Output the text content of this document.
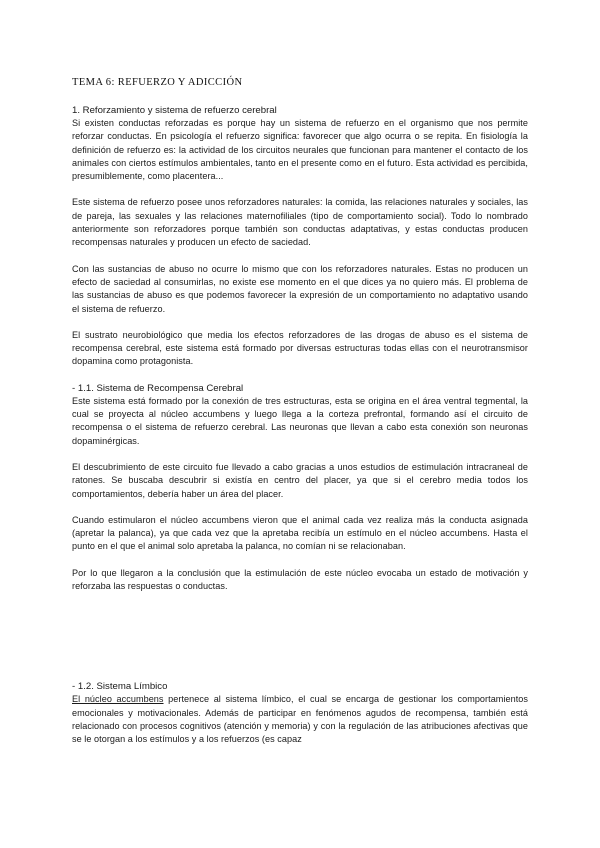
TEMA 6: REFUERZO Y ADICCIÓN
1. Reforzamiento y sistema de refuerzo cerebral

Si existen conductas reforzadas es porque hay un sistema de refuerzo en el organismo que nos permite reforzar conductas. En psicología el refuerzo significa: favorecer que algo ocurra o se repita. En fisiología la definición de refuerzo es: la actividad de los circuitos neurales que funcionan para mantener el contacto de los animales con ciertos estímulos ambientales, tanto en el presente como en el futuro. Esta actividad es percibida, presumiblemente, como placentera...

Este sistema de refuerzo posee unos reforzadores naturales: la comida, las relaciones naturales y sociales, las de pareja, las sexuales y las relaciones maternofiliales (tipo de comportamiento social). Todo lo nombrado anteriormente son reforzadores porque también son conductas adaptativas, y estas conductas producen recompensas naturales y producen un efecto de saciedad.

Con las sustancias de abuso no ocurre lo mismo que con los reforzadores naturales. Estas no producen un efecto de saciedad al consumirlas, no existe ese momento en el que dices ya no quiero más. El problema de las sustancias de abuso es que podemos favorecer la expresión de un comportamiento no adaptativo usando el sistema de refuerzo.

El sustrato neurobiológico que media los efectos reforzadores de las drogas de abuso es el sistema de recompensa cerebral, este sistema está formado por diversas estructuras todas ellas con el neurotransmisor dopamina como protagonista.

- 1.1. Sistema de Recompensa Cerebral

Este sistema está formado por la conexión de tres estructuras, esta se origina en el área ventral tegmental, la cual se proyecta al núcleo accumbens y luego llega a la corteza prefrontal, formando así el circuito de recompensa o el sistema de refuerzo cerebral. Las neuronas que llevan a cabo esta conexión son neuronas dopaminérgicas.

El descubrimiento de este circuito fue llevado a cabo gracias a unos estudios de estimulación intracraneal de ratones. Se buscaba descubrir si existía en centro del placer, ya que si el cerebro media todos los comportamientos, debería haber un área del placer.

Cuando estimularon el núcleo accumbens vieron que el animal cada vez realiza más la conducta asignada (apretar la palanca), ya que cada vez que la apretaba recibía un estímulo en el núcleo accumbens. Hasta el punto en el que el animal solo apretaba la palanca, no comían ni se relacionaban.

Por lo que llegaron a la conclusión que la estimulación de este núcleo evocaba un estado de motivación y reforzaba las respuestas o conductas.

- 1.2. Sistema Límbico

El núcleo accumbens pertenece al sistema límbico, el cual se encarga de gestionar los comportamientos emocionales y motivacionales. Además de participar en fenómenos agudos de recompensa, también está relacionado con procesos cognitivos (atención y memoria) y con la regulación de las atribuciones afectivas que se le otorgan a los estímulos y a los refuerzos (es capaz
